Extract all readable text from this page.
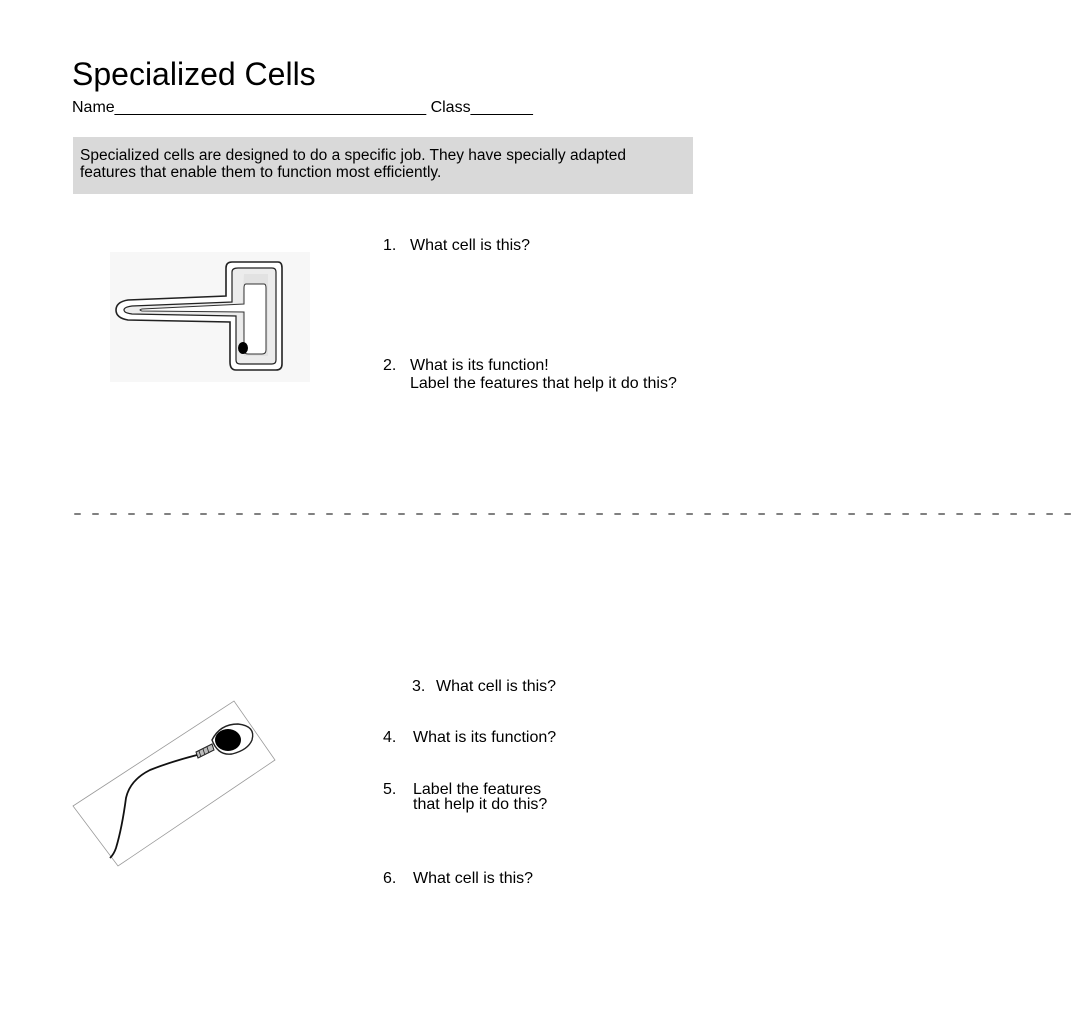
Specialized Cells
Name___________________________________ Class_______
Specialized cells are designed to do a specific job. They have specially adapted features that enable them to function most efficiently.
1. What cell is this?
2. What is its function!
Label the features that help it do this?
– – – – – – – – – – – – – – – – – – – – – – – – – – – – – – – – – – – – – – – – – – – – – – – – – – – – – – – –
3. What cell is this?
4. What is its function?
5. Label the features
that help it do this?
6. What cell is this?
